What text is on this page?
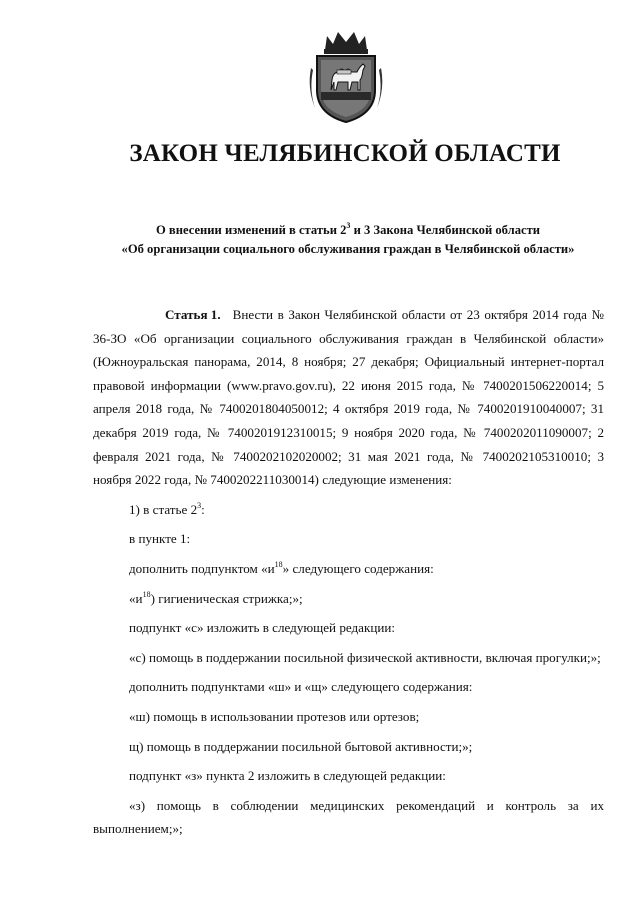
ЗАКОН ЧЕЛЯБИНСКОЙ ОБЛАСТИ
О внесении изменений в статьи $2^3$ и 3 Закона Челябинской области
«Об организации социального обслуживания граждан в Челябинской области»

Статья 1. Внести в Закон Челябинской области от 23 октября 2014 года № 36-ЗО «Об организации социального обслуживания граждан в Челябинской области» (Южноуральская панорама, 2014, 8 ноября; 27 декабря; Официальный интернет-портал правовой информации (www.pravo.gov.ru), 22 июня 2015 года, № 7400201506220014; 5 апреля 2018 года, № 7400201804050012; 4 октября 2019 года, № 7400201910040007; 31 декабря 2019 года, № 7400201912310015; 9 ноября 2020 года, № 7400202011090007; 2 февраля 2021 года, № 7400202102020002; 31 мая 2021 года, № 7400202105310010; 3 ноября 2022 года, № 7400202211030014) следующие изменения:

1) в статье $2^3$:

в пункте 1:

дополнить подпунктом «$и^{18}$» следующего содержания:

«$и^{18}$) гигиеническая стрижка;»;

подпункт «с» изложить в следующей редакции:

«с) помощь в поддержании посильной физической активности, включая прогулки;»;

дополнить подпунктами «ш» и «щ» следующего содержания:

«ш) помощь в использовании протезов или ортезов;

щ) помощь в поддержании посильной бытовой активности;»;

подпункт «з» пункта 2 изложить в следующей редакции:

«з) помощь в соблюдении медицинских рекомендаций и контроль за их выполнением;»;
